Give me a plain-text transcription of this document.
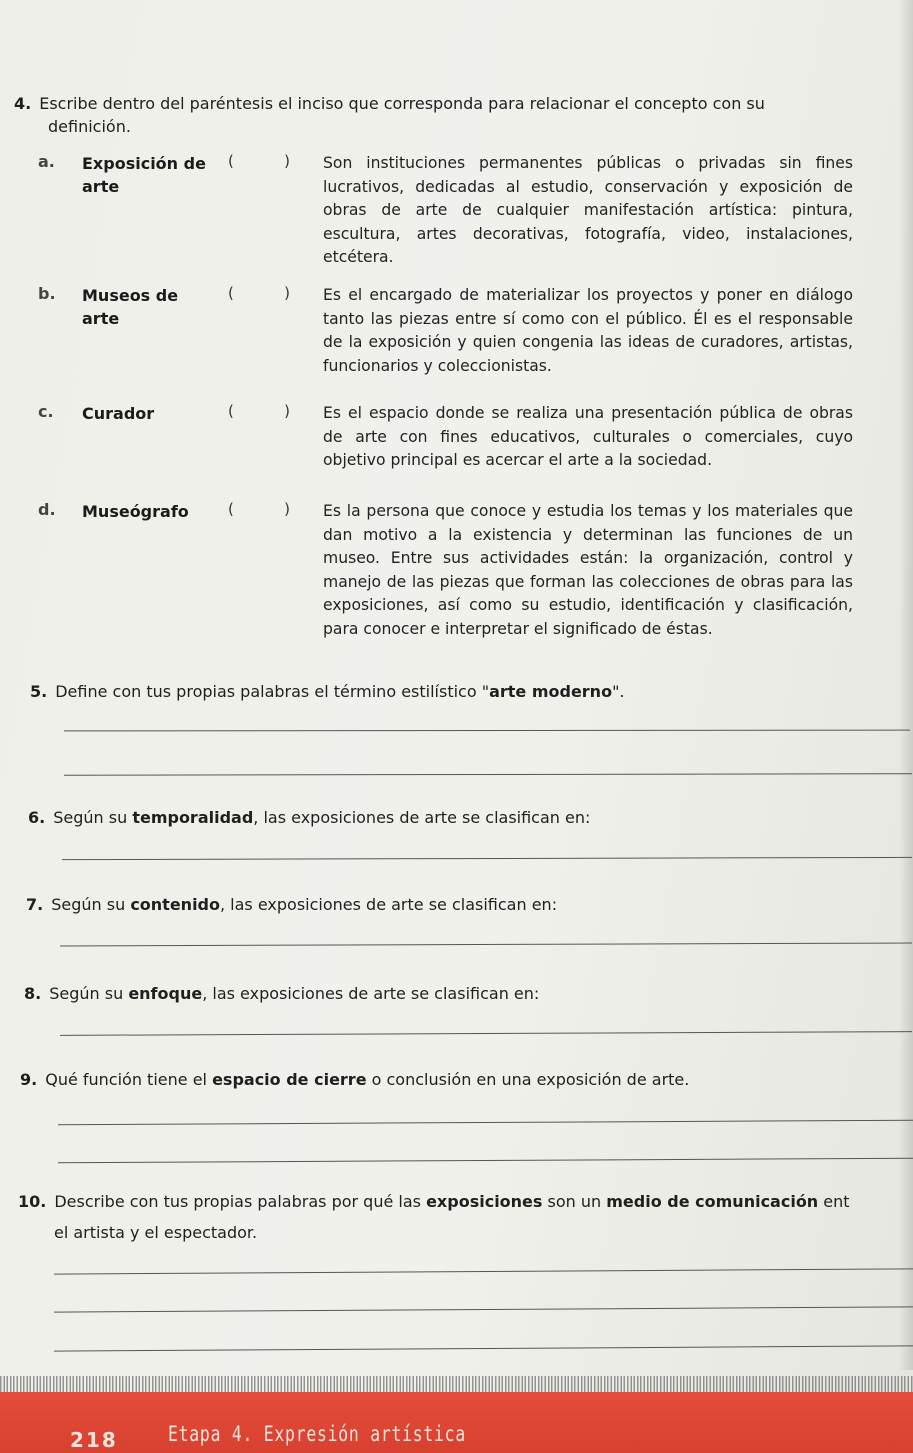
4. Escribe dentro del paréntesis el inciso que corresponda para relacionar el concepto con su definición.
a. Exposición de arte
(	) Son instituciones permanentes públicas o privadas sin fines lucrativos, dedicadas al estudio, conservación y exposición de obras de arte de cualquier manifestación artística: pintura, escultura, artes decorativas, fotografía, video, instalaciones, etcétera.
b. Museos de arte
(	) Es el encargado de materializar los proyectos y poner en diálogo tanto las piezas entre sí como con el público. Él es el responsable de la exposición y quien congenia las ideas de curadores, artistas, funcionarios y coleccionistas.
c. Curador	(	) Es el espacio donde se realiza una presentación pública de obras de arte con fines educativos, culturales o comerciales, cuyo objetivo principal es acercar el arte a la sociedad.
d. Museógrafo	(	) Es la persona que conoce y estudia los temas y los materiales que dan motivo a la existencia y determinan las funciones de un museo. Entre sus actividades están: la organización, control y manejo de las piezas que forman las colecciones de obras para las exposiciones, así como su estudio, identificación y clasificación, para conocer e interpretar el significado de éstas.
5. Define con tus propias palabras el término estilístico "arte moderno".
6. Según su temporalidad, las exposiciones de arte se clasifican en:
7. Según su contenido, las exposiciones de arte se clasifican en:
8. Según su enfoque, las exposiciones de arte se clasifican en:
9. Qué función tiene el espacio de cierre o conclusión en una exposición de arte.
10. Describe con tus propias palabras por qué las exposiciones son un medio de comunicación ent
el artista y el espectador.
218 Etapa 4. Expresión artística
